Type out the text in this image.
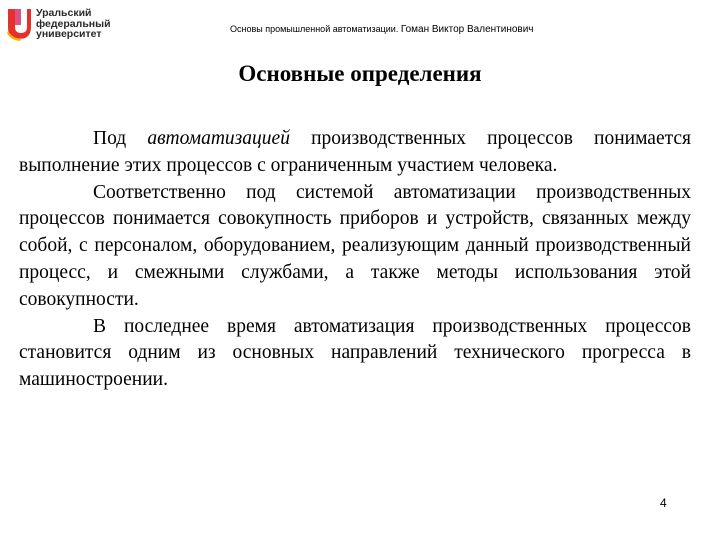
Уральский
федеральный
университет	Основы промышленной автоматизации. Гоман Виктор Валентинович
Основные определения

Под автоматизацией производственных процессов понимается выполнение этих процессов с ограниченным участием человека.

Соответственно под системой автоматизации производственных процессов понимается совокупность приборов и устройств, связанных между собой, с персоналом, оборудованием, реализующим данный производственный процесс, и смежными службами, а также методы использования этой совокупности.

В последнее время автоматизация производственных процессов становится одним из основных направлений технического прогресса в машиностроении.

4
